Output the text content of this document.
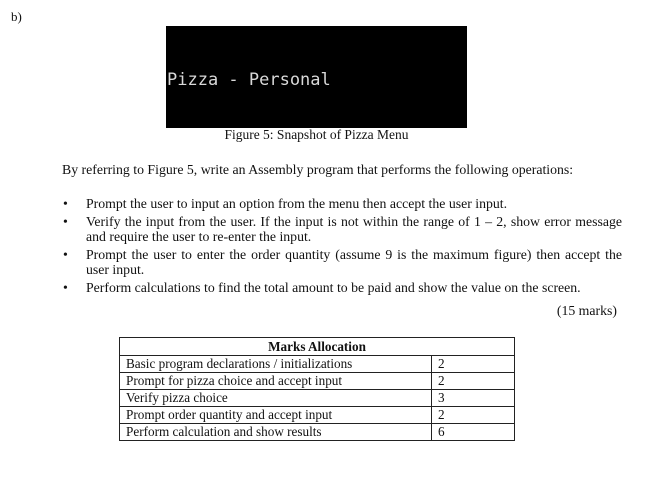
b)

Pizza - Personal

Figure 5: Snapshot of Pizza Menu
By referring to Figure 5, write an Assembly program that performs the following operations:
• Prompt the user to input an option from the menu then accept the user input.
• Verify the input from the user. If the input is not within the range of 1 – 2, show error message and require the user to re-enter the input.
• Prompt the user to enter the order quantity (assume 9 is the maximum figure) then accept the user input.
• Perform calculations to find the total amount to be paid and show the value on the screen.
(15 marks)
Marks Allocation	
Basic program declarations / initializations	2
Prompt for pizza choice and accept input	2
Verify pizza choice	3
Prompt order quantity and accept input	2
Perform calculation and show results	6
